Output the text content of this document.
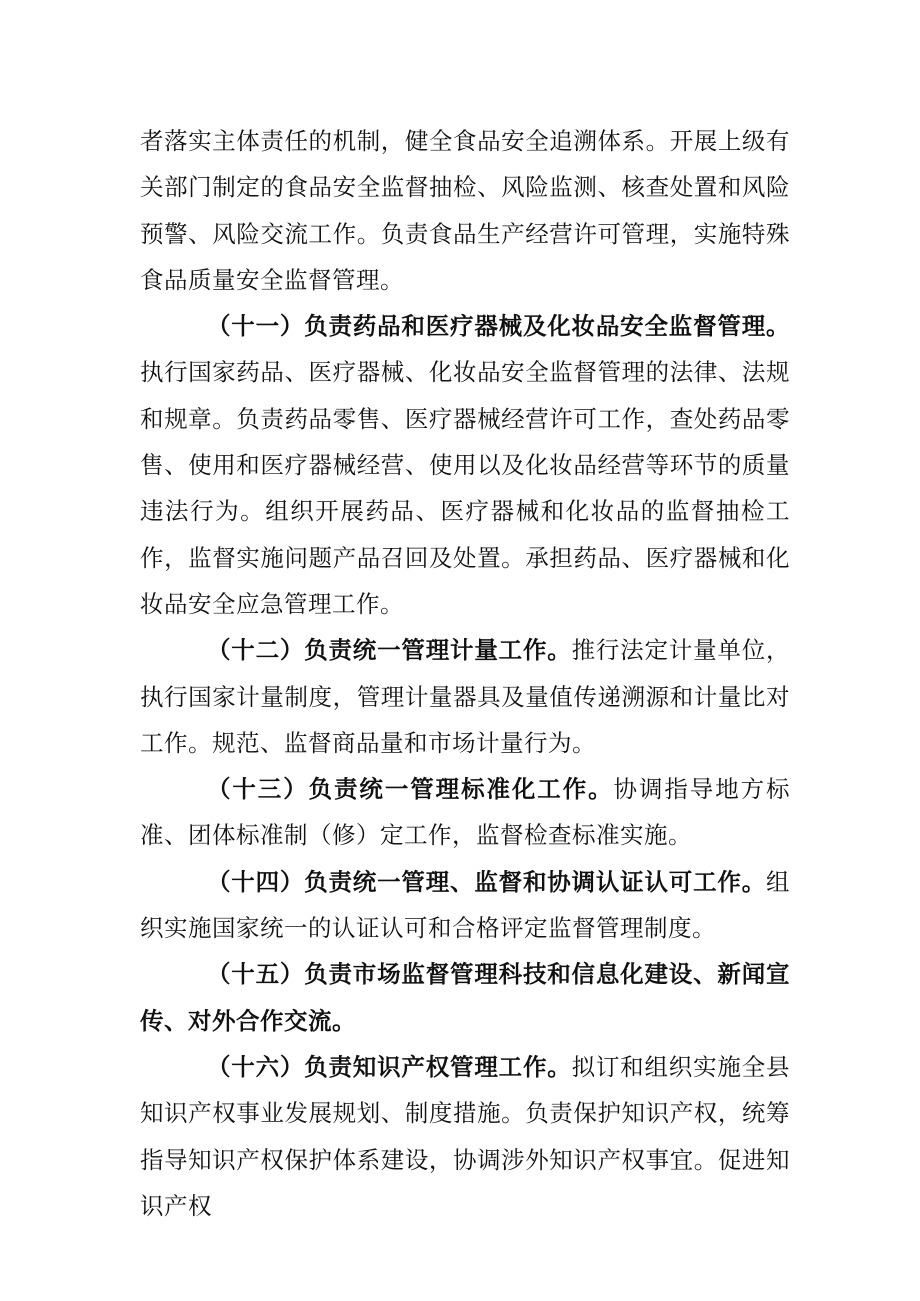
者落实主体责任的机制，健全食品安全追溯体系。开展上级有关部门制定的食品安全监督抽检、风险监测、核查处置和风险预警、风险交流工作。负责食品生产经营许可管理，实施特殊食品质量安全监督管理。

（十一）负责药品和医疗器械及化妆品安全监督管理。执行国家药品、医疗器械、化妆品安全监督管理的法律、法规和规章。负责药品零售、医疗器械经营许可工作，查处药品零售、使用和医疗器械经营、使用以及化妆品经营等环节的质量违法行为。组织开展药品、医疗器械和化妆品的监督抽检工作，监督实施问题产品召回及处置。承担药品、医疗器械和化妆品安全应急管理工作。

（十二）负责统一管理计量工作。推行法定计量单位，执行国家计量制度，管理计量器具及量值传递溯源和计量比对工作。规范、监督商品量和市场计量行为。

（十三）负责统一管理标准化工作。协调指导地方标准、团体标准制（修）定工作，监督检查标准实施。

（十四）负责统一管理、监督和协调认证认可工作。组织实施国家统一的认证认可和合格评定监督管理制度。

（十五）负责市场监督管理科技和信息化建设、新闻宣传、对外合作交流。

（十六）负责知识产权管理工作。拟订和组织实施全县知识产权事业发展规划、制度措施。负责保护知识产权，统筹指导知识产权保护体系建设，协调涉外知识产权事宜。促进知识产权
